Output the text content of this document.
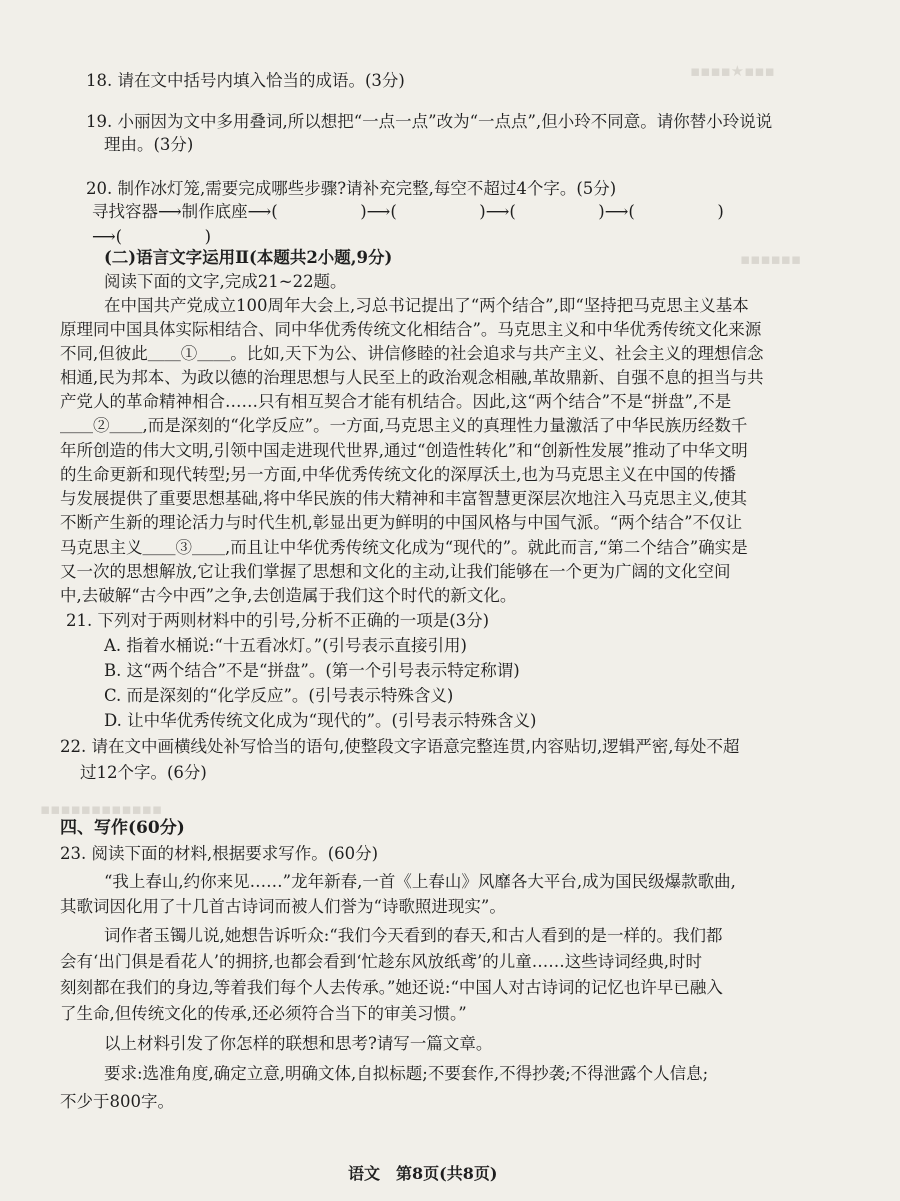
▪▪▪▪★▪▪▪
▪▪▪▪▪▪
▪▪▪▪▪▪▪▪▪▪▪▪
18. 请在文中括号内填入恰当的成语。(3分)
19. 小丽因为文中多用叠词,所以想把“一点一点”改为“一点点”,但小玲不同意。请你替小玲说说
理由。(3分)
20. 制作冰灯笼,需要完成哪些步骤?请补充完整,每空不超过4个字。(5分)
寻找容器⟶制作底座⟶(　　　　　)⟶(　　　　　)⟶(　　　　　)⟶(　　　　　)
⟶(　　　　　)
(二)语言文字运用Ⅱ(本题共2小题,9分)
阅读下面的文字,完成21~22题。
在中国共产党成立100周年大会上,习总书记提出了“两个结合”,即“坚持把马克思主义基本
原理同中国具体实际相结合、同中华优秀传统文化相结合”。马克思主义和中华优秀传统文化来源
不同,但彼此＿＿①＿＿。比如,天下为公、讲信修睦的社会追求与共产主义、社会主义的理想信念
相通,民为邦本、为政以德的治理思想与人民至上的政治观念相融,革故鼎新、自强不息的担当与共
产党人的革命精神相合……只有相互契合才能有机结合。因此,这“两个结合”不是“拼盘”,不是
＿＿②＿＿,而是深刻的“化学反应”。一方面,马克思主义的真理性力量激活了中华民族历经数千
年所创造的伟大文明,引领中国走进现代世界,通过“创造性转化”和“创新性发展”推动了中华文明
的生命更新和现代转型;另一方面,中华优秀传统文化的深厚沃土,也为马克思主义在中国的传播
与发展提供了重要思想基础,将中华民族的伟大精神和丰富智慧更深层次地注入马克思主义,使其
不断产生新的理论活力与时代生机,彰显出更为鲜明的中国风格与中国气派。“两个结合”不仅让
马克思主义＿＿③＿＿,而且让中华优秀传统文化成为“现代的”。就此而言,“第二个结合”确实是
又一次的思想解放,它让我们掌握了思想和文化的主动,让我们能够在一个更为广阔的文化空间
中,去破解“古今中西”之争,去创造属于我们这个时代的新文化。
21. 下列对于两则材料中的引号,分析不正确的一项是(3分)
A. 指着水桶说:“十五看冰灯。”(引号表示直接引用)
B. 这“两个结合”不是“拼盘”。(第一个引号表示特定称谓)
C. 而是深刻的“化学反应”。(引号表示特殊含义)
D. 让中华优秀传统文化成为“现代的”。(引号表示特殊含义)
22. 请在文中画横线处补写恰当的语句,使整段文字语意完整连贯,内容贴切,逻辑严密,每处不超
过12个字。(6分)
四、写作(60分)
23. 阅读下面的材料,根据要求写作。(60分)
“我上春山,约你来见……”龙年新春,一首《上春山》风靡各大平台,成为国民级爆款歌曲,
其歌词因化用了十几首古诗词而被人们誉为“诗歌照进现实”。
词作者玉镯儿说,她想告诉听众:“我们今天看到的春天,和古人看到的是一样的。我们都
会有‘出门俱是看花人’的拥挤,也都会看到‘忙趁东风放纸鸢’的儿童……这些诗词经典,时时
刻刻都在我们的身边,等着我们每个人去传承。”她还说:“中国人对古诗词的记忆也许早已融入
了生命,但传统文化的传承,还必须符合当下的审美习惯。”
以上材料引发了你怎样的联想和思考?请写一篇文章。
要求:选准角度,确定立意,明确文体,自拟标题;不要套作,不得抄袭;不得泄露个人信息;
不少于800字。
语文　第8页(共8页)
